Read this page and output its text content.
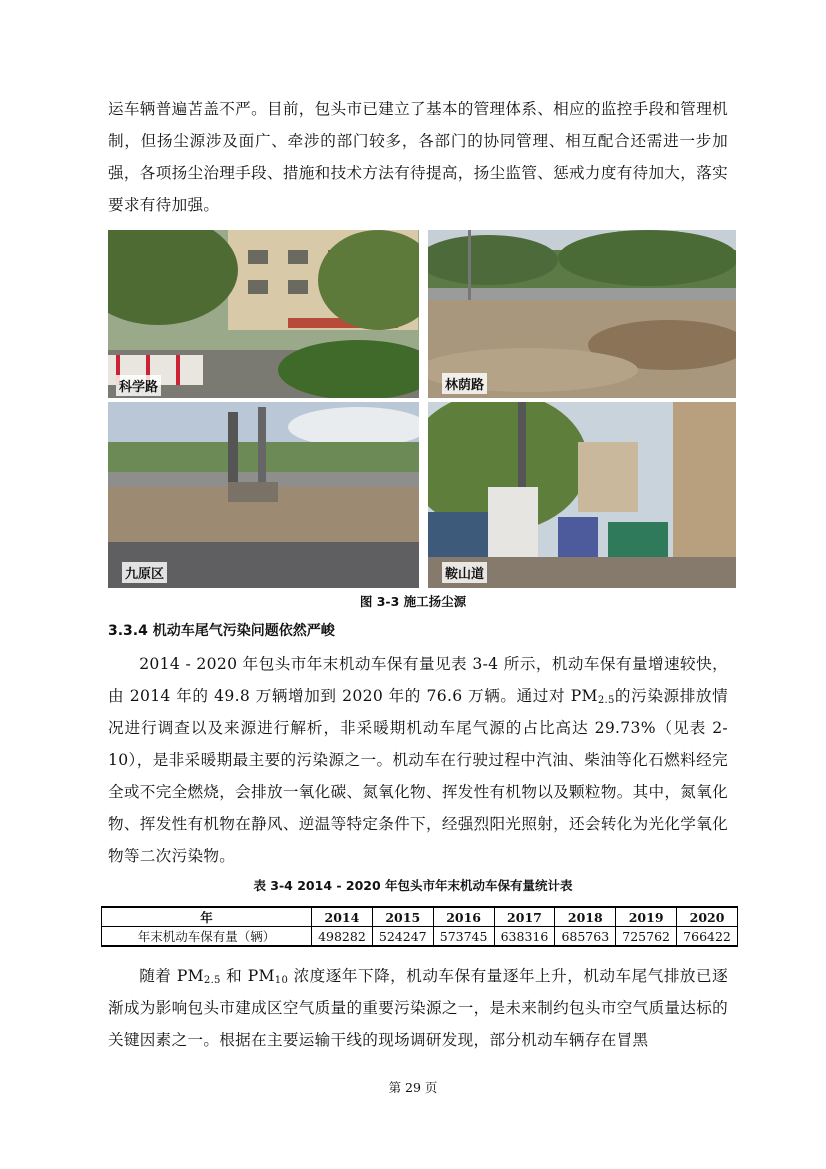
运车辆普遍苫盖不严。目前，包头市已建立了基本的管理体系、相应的监控手段和管理机制，但扬尘源涉及面广、牵涉的部门较多，各部门的协同管理、相互配合还需进一步加强，各项扬尘治理手段、措施和技术方法有待提高，扬尘监管、惩戒力度有待加大，落实要求有待加强。

科学路	林荫路
九原区	鞍山道
图 3-3 施工扬尘源
3.3.4 机动车尾气污染问题依然严峻

2014 - 2020 年包头市年末机动车保有量见表 3-4 所示，机动车保有量增速较快，由 2014 年的 49.8 万辆增加到 2020 年的 76.6 万辆。通过对 $PM_{2.5}$的污染源排放情况进行调查以及来源进行解析，非采暖期机动车尾气源的占比高达 29.73%（见表 2-10），是非采暖期最主要的污染源之一。机动车在行驶过程中汽油、柴油等化石燃料经完全或不完全燃烧，会排放一氧化碳、氮氧化物、挥发性有机物以及颗粒物。其中，氮氧化物、挥发性有机物在静风、逆温等特定条件下，经强烈阳光照射，还会转化为光化学氧化物等二次污染物。

表 3-4 2014 - 2020 年包头市年末机动车保有量统计表
年	2014	2015	2016	2017	2018	2019	2020
年末机动车保有量（辆）	498282	524247	573745	638316	685763	725762	766422

随着 $PM_{2.5}$ 和 $PM_{10}$ 浓度逐年下降，机动车保有量逐年上升，机动车尾气排放已逐渐成为影响包头市建成区空气质量的重要污染源之一，是未来制约包头市空气质量达标的关键因素之一。根据在主要运输干线的现场调研发现，部分机动车辆存在冒黑

第 29 页
